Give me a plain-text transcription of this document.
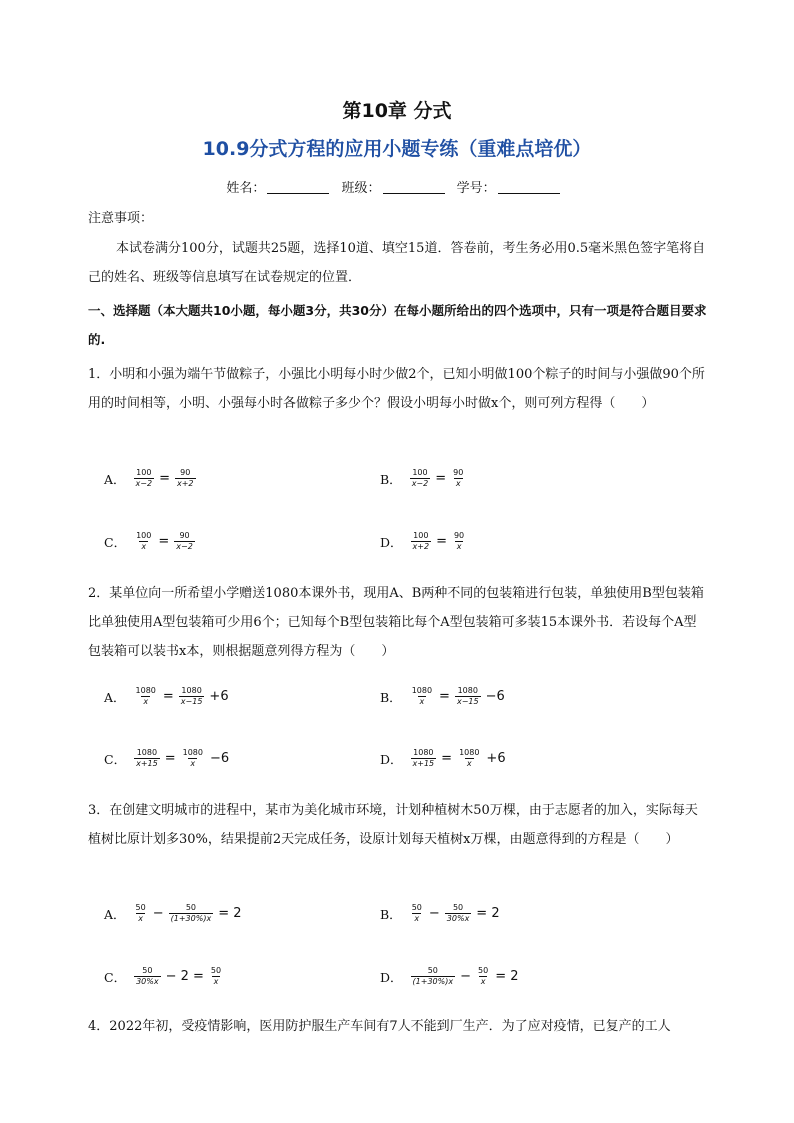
第10章 分式
10.9分式方程的应用小题专练（重难点培优）
姓名：	班级：	学号：
注意事项：
本试卷满分100分，试题共25题，选择10道、填空15道．答卷前，考生务必用0.5毫米黑色签字笔将自己的姓名、班级等信息填写在试卷规定的位置．
一、选择题（本大题共10小题，每小题3分，共30分）在每小题所给出的四个选项中，只有一项是符合题目要求的.
1．小明和小强为端午节做粽子，小强比小明每小时少做2个，已知小明做100个粽子的时间与小强做90个所用的时间相等，小明、小强每小时各做粽子多少个？假设小明每小时做x个，则可列方程得（　　）
A． $\frac{100}{x-2} = \frac{90}{x+2}$	B． $\frac{100}{x-2} = \frac{90}{x}$
C． $\frac{100}{x} = \frac{90}{x-2}$	D． $\frac{100}{x+2} = \frac{90}{x}$
2．某单位向一所希望小学赠送1080本课外书，现用A、B两种不同的包装箱进行包装，单独使用B型包装箱比单独使用A型包装箱可少用6个；已知每个B型包装箱比每个A型包装箱可多装15本课外书．若设每个A型包装箱可以装书x本，则根据题意列得方程为（　　）
A． $\frac{1080}{x} = \frac{1080}{x-15} +6$	B． $\frac{1080}{x} = \frac{1080}{x-15} -6$
C． $\frac{1080}{x+15} = \frac{1080}{x} -6$	D． $\frac{1080}{x+15} = \frac{1080}{x} +6$
3．在创建文明城市的进程中，某市为美化城市环境，计划种植树木50万棵，由于志愿者的加入，实际每天植树比原计划多30%，结果提前2天完成任务，设原计划每天植树x万棵，由题意得到的方程是（　　）
A． $\frac{50}{x} - \frac{50}{(1+30\%)x} = 2$	B． $\frac{50}{x} - \frac{50}{30\%x} = 2$
C． $\frac{50}{30\%x} - 2 = \frac{50}{x}$	D． $\frac{50}{(1+30\%)x} - \frac{50}{x} = 2$
4．2022年初，受疫情影响，医用防护服生产车间有7人不能到厂生产．为了应对疫情，已复产的工人
